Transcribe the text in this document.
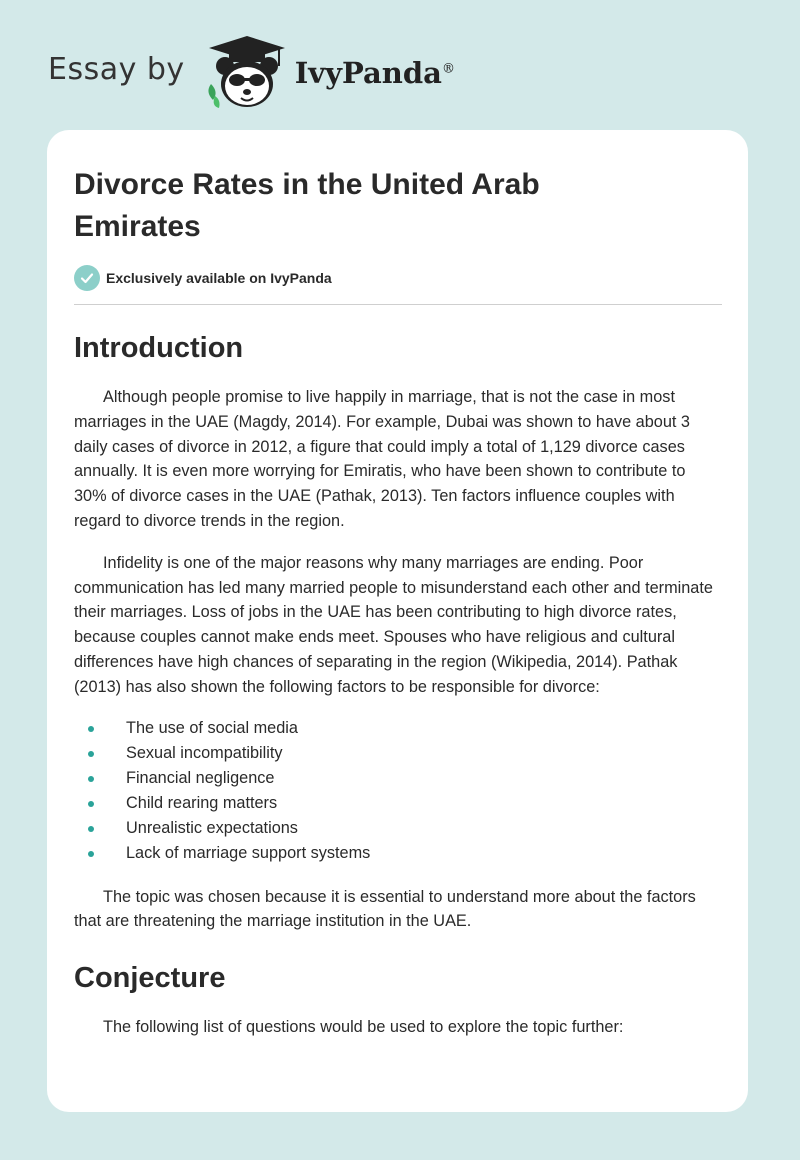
Essay by	IvyPanda®
Divorce Rates in the United Arab Emirates
Exclusively available on IvyPanda
Introduction

Although people promise to live happily in marriage, that is not the case in most marriages in the UAE (Magdy, 2014). For example, Dubai was shown to have about 3 daily cases of divorce in 2012, a figure that could imply a total of 1,129 divorce cases annually. It is even more worrying for Emiratis, who have been shown to contribute to 30% of divorce cases in the UAE (Pathak, 2013). Ten factors influence couples with regard to divorce trends in the region.

Infidelity is one of the major reasons why many marriages are ending. Poor communication has led many married people to misunderstand each other and terminate their marriages. Loss of jobs in the UAE has been contributing to high divorce rates, because couples cannot make ends meet. Spouses who have religious and cultural differences have high chances of separating in the region (Wikipedia, 2014). Pathak (2013) has also shown the following factors to be responsible for divorce:

The use of social media
Sexual incompatibility
Financial negligence
Child rearing matters
Unrealistic expectations
Lack of marriage support systems

The topic was chosen because it is essential to understand more about the factors that are threatening the marriage institution in the UAE.

Conjecture

The following list of questions would be used to explore the topic further:
